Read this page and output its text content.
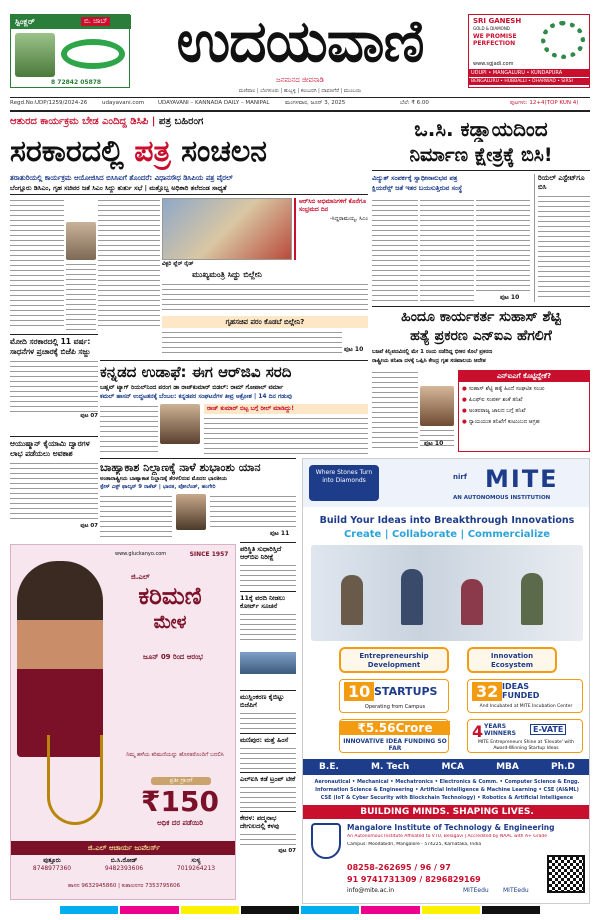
ಸ್ಪಿಂಕ್ಲರ್	ಬಿ. ಜಾಬ್
8 72842 05878
ಉದಯವಾಣಿ
ಜನಮನದ ಜೀವನಾಡಿ
SRI GANESH
GOLD & DIAMOND
WE PROMISE PERFECTION
www.sgjadi.com
UDUPI • MANGALURU • KUNDAPURA
BENGALURU • HUBBALLI • DHARWAD • SIRSI
ಮಣಿಪಾಲ | ಬೆಂಗಳೂರು | ಹುಬ್ಬಳ್ಳಿ | ಕಲಬುರಗಿ | ದಾವಣಗೆರೆ | ಮುಂಬಯಿ
Regd.No:UDP/1259/2024-26	udayavani.com	UDAYAVANI – KANNADA DAILY – MANIPAL	ಮಂಗಳವಾರ, ಜೂನ್ 3, 2025	ಬೆಲೆ: ₹ 6.00	ಪುಟಗಳು: 12+4(TOP KUN 4)
ಆತುರದ ಕಾರ್ಯಕ್ರಮ ಬೇಡ ಎಂದಿದ್ದ ಡಿಸಿಪಿ | ಪತ್ರ ಬಹಿರಂಗ
ಸರಕಾರದಲ್ಲಿ ಪತ್ರ ಸಂಚಲನ
ತರಾತುರಿಯಲ್ಲಿ ಕಾರ್ಯಕ್ರಮ ಆಯೋಜಿಸಿದ ಬಿಸಿಸಿಐಗೆ ತೊಂದರೆ: ವಿಧಾನಸೌಧ ಡಿಸಿಪಿಯ ಪತ್ರ ವೈರಲ್
ಬೆಂಗ್ಲೂರು ಡಿಸಿಎಂ, ಗೃಹ ಸಚಿವರ ಜತೆ ಸಿಎಂ ಸಿದ್ದು ತುರ್ತು ಸಭೆ | ಮತ್ತೊಬ್ಬ ಅಧಿಕಾರಿ ತಲೆದಂಡ ಸಾಧ್ಯತೆ
ವಿಕ್ಟರಿ ಪ್ಲೆರ್ ರೈಡ್
ಆರ್‌ಸಿಬಿ ಅಭಿಮಾನಿಗಳಿಗೆ ಕೊನೆಗೂ ಸಂಭ್ರಮದ ದಿನ
-ಸಿದ್ದರಾಮಯ್ಯ, ಸಿಎಂ
ಮುಖ್ಯಮಂತ್ರಿ ಸಿದ್ದು ಬಿಲ್ಲೇನಿ
ಗೃಹಸಚಿವ ಪರಂ ಕೊಡಬೆ ಬಿಲ್ಲೇನಿ?
ಪುಟ 10
ಮೋದಿ ಸರಕಾರದಲ್ಲಿ 11 ವರ್ಷ: ಸಾಧನೆಗಳ ಪ್ರಚಾರಕ್ಕೆ ಬಿಜೆಪಿ ಸಜ್ಜು
ಪುಟ 07
ಆಯುಷ್ಮಾನ್ ಕೈಯಾಮಿ ದ್ವಾರಗಳ ಲಾಭ ಪಡೆಯಲು ಅವಕಾಶ
ಪುಟ 07
ಒ.ಸಿ. ಕಡ್ಡಾಯದಿಂದ
ನಿರ್ಮಾಣ ಕ್ಷೇತ್ರಕ್ಕೆ ಬಿಸಿ!
ವಿದ್ಯುತ್ ಸಂಪರ್ಕಕ್ಕೆ ಸ್ವಾಧೀನಾನುಭವ ಪತ್ರ
ಕ್ಲಿಯರೆನ್ಸ್ ಜತೆ ಇತರ ಬಯಸುತ್ತಿರುವ ಸಂಸ್ಥೆ
ಪುಟ 10
ರಿಯಲ್ ಎಸ್ಟೇಟ್‌ಗೂ ಬಿಸಿ
ಹಿಂದೂ ಕಾರ್ಯಕರ್ತ ಸುಹಾಸ್ ಶೆಟ್ಟಿ
ಹತ್ಯೆ ಪ್ರಕರಣ ಎನ್‌ಐಎ ಹೆಗಲಿಗೆ
ಬಜಪೆ ಕಿನ್ನಿಪದವಿನಲ್ಲಿ ಮೇ 1 ರಂದು ನಡೆದಿದ್ದ ಭೀಕರ ಕೊಲೆ ಪ್ರಕರಣ
ರಾಷ್ಟ್ರೀಯ ತನಿಖಾ ದಳಕ್ಕೆ ಒಪ್ಪಿಸಿ ಕೇಂದ್ರ ಗೃಹ ಸಚಿವಾಲಯ ಆದೇಶ
ಪುಟ 10
ಎನ್‌ಐಎಗೆ ಕೊಟ್ಟಿದ್ದೇಕೆ?
● ಸುಹಾಸ್ ಶೆಟ್ಟಿ ಹತ್ಯೆ ಹಿಂದೆ ಸಂಘಟಿತ ಸಂಚು
● ಪಿಎಫ್‌ಐ ಸಂಪರ್ಕ ಶಂಕೆ ತನಿಖೆ
● ಅಂತರರಾಜ್ಯ ಜಾಲದ ಬಗ್ಗೆ ತನಿಖೆ
● ನ್ಯಾಯಯುತ ತನಿಖೆಗೆ ಕುಟುಂಬದ ಆಗ್ರಹ
ಕನ್ನಡದ ಉಡಾಫೆ: ಈಗ ಆರ್‌ಜಿವಿ ಸರದಿ
ಬಹ್ಲವ್ ಟ್ಯಾಗ್ ರಿಯಲ್‌ನಿಂದ ಪರಂಗ ಡಾ ರಾಜ್‌ಕುಮಾರ್ ಬಿಡಲ್: ರಾಮ್ ಗೋಪಾಲ್ ವರ್ಮಾ
ಕಮಲ್ ಹಾಸನ್ ಉದ್ಧಟತನಕ್ಕೆ ಬೆಂಬಲ: ಕನ್ನಡಪರ ಸಂಘಟನೆಗಳ ತೀವ್ರ ಆಕ್ರೋಶ | 14 ದಿನ ಗಡುವು
ರಾಜ್ ಕುಮಾರ್ ಬಿಟ್ಟ ಬಗ್ಗೆ ರೀಲ್ ಮಾಡಿದ್ದು!
ಬಾಹ್ಯಾಕಾಶ ನಿಲ್ದಾಣಕ್ಕೆ ನಾಳೆ ಶುಭಾಂಶು ಯಾನ
ಅಂತಾರಾಷ್ಟ್ರೀಯ ಬಾಹ್ಯಾಕಾಶ ನಿಲ್ದಾಣಕ್ಕೆ ತೆರಳಲಿರುವ ಮೊದಲ ಭಾರತೀಯ
ಸ್ಪೇಸ್ ಎಕ್ಸ್ ಫಾಲ್ಕನ್ 9 ರಾಕೆಟ್ | ಭಾರತ, ಪೋಲೆಂಡ್, ಹಂಗೇರಿ
ಪುಟ 11
www.gluckanyo.com	SINCE 1957
ಜಿ.ಎಲ್
ಕರಿಮಣಿ
ಮೇಳ
ಜೂನ್ 09 ರಿಂದ ಆರಂಭ
ನಿಮ್ಮ ಹಳೆಯ ಕರಿಮಣಿಯನ್ನು ಹೊಸತರೊಂದಿಗೆ ಬದಲಿಸಿ
ಪ್ರತೀ ಗ್ರಾಂಗೆ
₹150
ಅಧಿಕ ದರ ಪಡೆಯಿರಿ
ಜಿ.ಎಲ್ ಆಚಾರ್ಯ ಜುವೆಲರ್ಸ್
ಪುತ್ತೂರು
8748977360
ಬಿ.ಸಿ.ರೋಡ್
9482393606
ಸುಳ್ಯ
7019264213
ಹಾಸನ 9632945860 | ಕುಶಾಲನಗರ 7353795606
ಪರಿಸ್ಥಿತಿ ಸುಧಾರಿಸ್ತಿದೆ ಆರ್‌ಬಿಐ ನಿರೀಕ್ಷೆ
11ಕ್ಕೆ ವರದಿ ನೀಡಲು ಕೋರ್ಟ್ ಸೂಚನೆ
ಮುಸ್ಲಿಂಕರಣ ಕೈಬಿಟ್ಟು ಬಿಜೆಪಿಗೆ
ಮಣಿಪುರ: ಮತ್ತೆ ಹಿಂಸೆ
ಎಲ್‌ಐಸಿ ಕಡೆ ಟ್ರಂಪ್ ಟೀಕೆ
ಕೇರಳ: ಪದ್ಮನಾಭ ದೇಗುಲದಲ್ಲಿ ಕಳವು
ಪುಟ 07
Where Stones Turn into Diamonds	nirf MITE
AN AUTONOMOUS INSTITUTION
Build Your Ideas into Breakthrough Innovations
Create | Collaborate | Commercialize
Entrepreneurship Development
Innovation Ecosystem
10 STARTUPS
Operating from Campus
32 IDEAS FUNDED
And Incubated at MITE Incubation Center
₹5.56Crore
INNOVATIVE IDEA FUNDING SO FAR
4 YEARS WINNERS	E-VATE
MITE Entrepreneurs Shine at 'Elevate' with Award-Winning Startup Ideas
B.E.	M. Tech	MCA	MBA	Ph.D
Aeronautical • Mechanical • Mechatronics • Electronics & Comm. • Computer Science & Engg.
Information Science & Engineering • Artificial Intelligence & Machine Learning • CSE (AI&ML)
CSE (IoT & Cyber Security with Blockchain Technology) • Robotics & Artificial Intelligence
BUILDING MINDS. SHAPING LIVES.
Mangalore Institute of Technology & Engineering
An Autonomous Institute Affiliated to VTU, Belagavi | Accredited by NAAC with A+ Grade
Campus: Moodabidri, Mangalore - 574225, Karnataka, India
08258-262695 / 96 / 97
91 9741731309 / 8296829169
info@mite.ac.in	MITEedu MITEedu
